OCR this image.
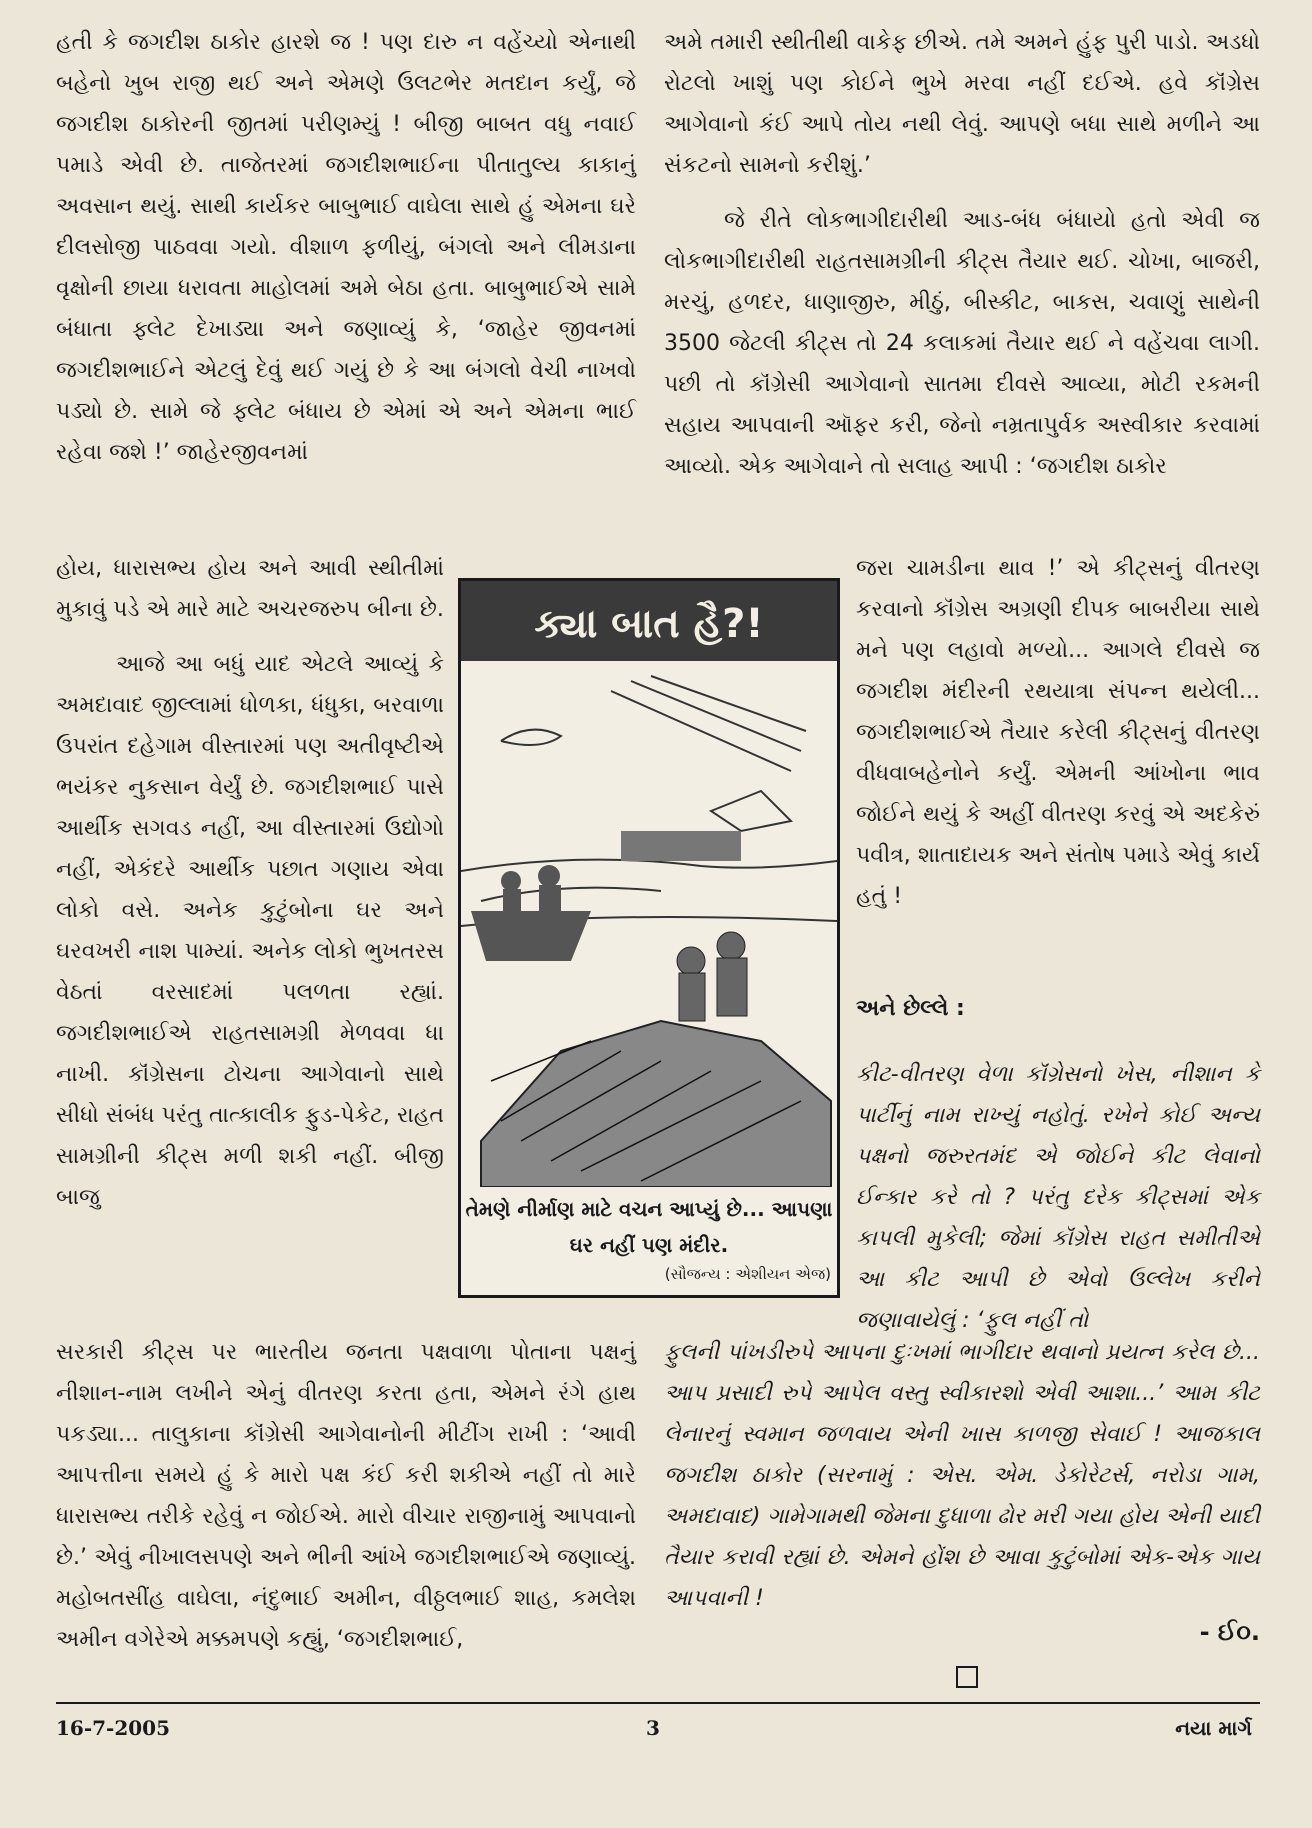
હતી કે જગદીશ ઠાકોર હારશે જ ! પણ દારુ ન વહેંચ્યો એનાથી બહેનો ખુબ રાજી થઈ અને એમણે ઉલટભેર મતદાન કર્યું, જે જગદીશ ઠાકોરની જીતમાં પરીણમ્યું ! બીજી બાબત વધુ નવાઈ પમાડે એવી છે. તાજેતરમાં જગદીશભાઈના પીતાતુલ્ય કાકાનું અવસાન થયું. સાથી કાર્યકર બાબુભાઈ વાઘેલા સાથે હું એમના ઘરે દીલસોજી પાઠવવા ગયો. વીશાળ ફળીયું, બંગલો અને લીમડાના વૃક્ષોની છાયા ધરાવતા માહોલમાં અમે બેઠા હતા. બાબુભાઈએ સામે બંધાતા ફ્લેટ દેખાડ્યા અને જણાવ્યું કે, ‘જાહેર જીવનમાં જગદીશભાઈને એટલું દેવું થઈ ગયું છે કે આ બંગલો વેચી નાખવો પડ્યો છે. સામે જે ફ્લેટ બંધાય છે એમાં એ અને એમના ભાઈ રહેવા જશે !’ જાહેરજીવનમાં

હોય, ધારાસભ્ય હોય અને આવી સ્થીતીમાં મુકાવું પડે એ મારે માટે અચરજરુપ બીના છે.

આજે આ બધું યાદ એટલે આવ્યું કે અમદાવાદ જીલ્લામાં ધોળકા, ધંધુકા, બરવાળા ઉપરાંત દહેગામ વીસ્તારમાં પણ અતીવૃષ્ટીએ ભયંકર નુકસાન વેર્યું છે. જગદીશભાઈ પાસે આર્થીક સગવડ નહીં, આ વીસ્તારમાં ઉદ્યોગો નહીં, એકંદરે આર્થીક પછાત ગણાય એવા લોકો વસે. અનેક કુટુંબોના ઘર અને ઘરવખરી નાશ પામ્યાં. અનેક લોકો ભુખતરસ વેઠતાં વરસાદમાં પલળતા રહ્યાં. જગદીશભાઈએ રાહતસામગ્રી મેળવવા ધા નાખી. કૉંગ્રેસના ટોચના આગેવાનો સાથે સીધો સંબંધ પરંતુ તાત્કાલીક ફુડ-પેકેટ, રાહત સામગ્રીની કીટ્સ મળી શકી નહીં. બીજી બાજુ

ક્યા બાત હૈ?!
તેમણે નીર્માણ માટે વચન આપ્યું છે... આપણા ઘર નહીં પણ મંદીર.
(સૌજન્ય : એશીયન એજ)

સરકારી કીટ્સ પર ભારતીય જનતા પક્ષવાળા પોતાના પક્ષનું નીશાન-નામ લખીને એનું વીતરણ કરતા હતા, એમને રંગે હાથ પકડ્યા... તાલુકાના કૉંગ્રેસી આગેવાનોની મીટીંગ રાખી : ‘આવી આપત્તીના સમયે હું કે મારો પક્ષ કંઈ કરી શકીએ નહીં તો મારે ધારાસભ્ય તરીકે રહેવું ન જોઈએ. મારો વીચાર રાજીનામું આપવાનો છે.’ એવું નીખાલસપણે અને ભીની આંખે જગદીશભાઈએ જણાવ્યું. મહોબતસીંહ વાઘેલા, નંદુભાઈ અમીન, વીઠ્ઠલભાઈ શાહ, કમલેશ અમીન વગેરેએ મક્કમપણે કહ્યું, ‘જગદીશભાઈ,

અમે તમારી સ્થીતીથી વાકેફ છીએ. તમે અમને હુંફ પુરી પાડો. અડધો રોટલો ખાશું પણ કોઈને ભુખે મરવા નહીં દઈએ. હવે કૉંગ્રેસ આગેવાનો કંઈ આપે તોય નથી લેવું. આપણે બધા સાથે મળીને આ સંકટનો સામનો કરીશું.’

જે રીતે લોકભાગીદારીથી આડ-બંધ બંધાયો હતો એવી જ લોકભાગીદારીથી રાહતસામગ્રીની કીટ્સ તૈયાર થઈ. ચોખા, બાજરી, મરચું, હળદર, ધાણાજીરુ, મીઠું, બીસ્કીટ, બાકસ, ચવાણું સાથેની 3500 જેટલી કીટ્સ તો 24 કલાકમાં તૈયાર થઈ ને વહેંચવા લાગી. પછી તો કૉંગ્રેસી આગેવાનો સાતમા દીવસે આવ્યા, મોટી રકમની સહાય આપવાની ઑફર કરી, જેનો નમ્રતાપુર્વક અસ્વીકાર કરવામાં આવ્યો. એક આગેવાને તો સલાહ આપી : ‘જગદીશ ઠાકોર

જરા ચામડીના થાવ !’ એ કીટ્સનું વીતરણ કરવાનો કૉંગ્રેસ અગ્રણી દીપક બાબરીયા સાથે મને પણ લહાવો મળ્યો... આગલે દીવસે જ જગદીશ મંદીરની રથયાત્રા સંપન્ન થયેલી... જગદીશભાઈએ તૈયાર કરેલી કીટ્સનું વીતરણ વીધવાબહેનોને કર્યું. એમની આંખોના ભાવ જોઈને થયું કે અહીં વીતરણ કરવું એ અદકેરું પવીત્ર, શાતાદાયક અને સંતોષ પમાડે એવું કાર્ય હતું !

અને છેલ્લે :

કીટ-વીતરણ વેળા કૉંગ્રેસનો ખેસ, નીશાન કે પાર્ટીનું નામ રાખ્યું નહોતું. રખેને કોઈ અન્ય પક્ષનો જરુરતમંદ એ જોઈને કીટ લેવાનો ઈન્કાર કરે તો ? પરંતુ દરેક કીટ્સમાં એક કાપલી મુકેલી; જેમાં કૉંગ્રેસ રાહત સમીતીએ આ કીટ આપી છે એવો ઉલ્લેખ કરીને જણાવાયેલું : ‘ફુલ નહીં તો

ફુલની પાંખડીરુપે આપના દુઃખમાં ભાગીદાર થવાનો પ્રયત્ન કરેલ છે... આપ પ્રસાદી રુપે આપેલ વસ્તુ સ્વીકારશો એવી આશા...’ આમ કીટ લેનારનું સ્વમાન જળવાય એની ખાસ કાળજી સેવાઈ ! આજકાલ જગદીશ ઠાકોર (સરનામું : એસ. એમ. ડેકોરેટર્સ, નરોડા ગામ, અમદાવાદ) ગામેગામથી જેમના દુધાળા ઢોર મરી ગયા હોય એની યાદી તૈયાર કરાવી રહ્યાં છે. એમને હોંશ છે આવા કુટુંબોમાં એક-એક ગાય આપવાની !

- ઈ૦.
16-7-2005	3	નયા માર્ગ
